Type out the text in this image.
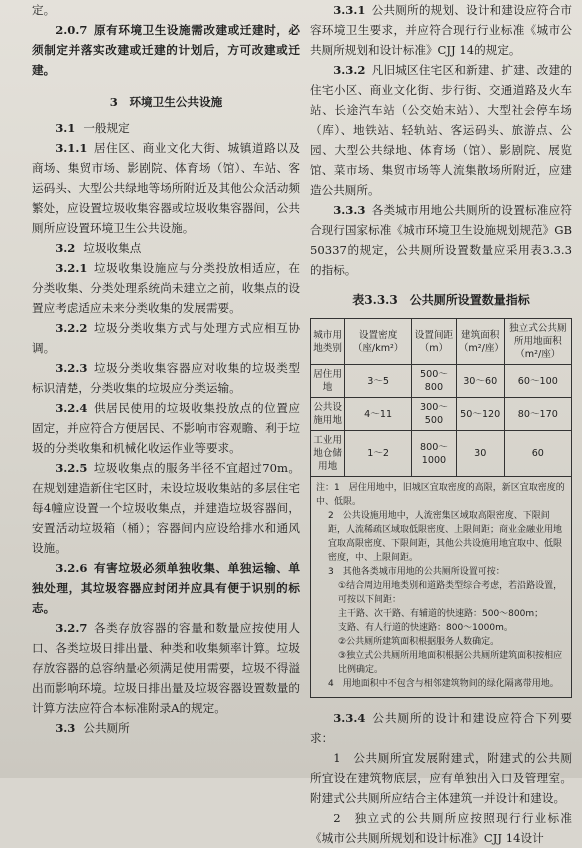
定。

2.0.7 原有环境卫生设施需改建或迁建时，必须制定并落实改建或迁建的计划后，方可改建或迁建。

3　环境卫生公共设施

3.1 一般规定

3.1.1 居住区、商业文化大街、城镇道路以及商场、集贸市场、影剧院、体育场（馆）、车站、客运码头、大型公共绿地等场所附近及其他公众活动频繁处，应设置垃圾收集容器或垃圾收集容器间，公共厕所应设置环境卫生公共设施。

3.2 垃圾收集点

3.2.1 垃圾收集设施应与分类投放相适应，在分类收集、分类处理系统尚未建立之前，收集点的设置应考虑适应未来分类收集的发展需要。

3.2.2 垃圾分类收集方式与处理方式应相互协调。

3.2.3 垃圾分类收集容器应对收集的垃圾类型标识清楚，分类收集的垃圾应分类运输。

3.2.4 供居民使用的垃圾收集投放点的位置应固定，并应符合方便居民、不影响市容观瞻、利于垃圾的分类收集和机械化收运作业等要求。

3.2.5 垃圾收集点的服务半径不宜超过70m。在规划建造新住宅区时，未设垃圾收集站的多层住宅每4幢应设置一个垃圾收集点，并建造垃圾容器间，安置活动垃圾箱（桶）；容器间内应设给排水和通风设施。

3.2.6 有害垃圾必须单独收集、单独运输、单独处理，其垃圾容器应封闭并应具有便于识别的标志。

3.2.7 各类存放容器的容量和数量应按使用人口、各类垃圾日排出量、种类和收集频率计算。垃圾存放容器的总容纳量必须满足使用需要，垃圾不得溢出而影响环境。垃圾日排出量及垃圾容器设置数量的计算方法应符合本标准附录A的规定。

3.3 公共厕所

3.3.1 公共厕所的规划、设计和建设应符合市容环境卫生要求，并应符合现行行业标准《城市公共厕所规划和设计标准》CJJ 14的规定。

3.3.2 凡旧城区住宅区和新建、扩建、改建的住宅小区、商业文化街、步行街、交通道路及火车站、长途汽车站（公交始末站）、大型社会停车场（库）、地铁站、轻轨站、客运码头、旅游点、公园、大型公共绿地、体育场（馆）、影剧院、展览馆、菜市场、集贸市场等人流集散场所附近，应建造公共厕所。

3.3.3 各类城市用地公共厕所的设置标准应符合现行国家标准《城市环境卫生设施规划规范》GB 50337的规定，公共厕所设置数量应采用表3.3.3的指标。

表3.3.3　公共厕所设置数量指标
城市用地类别	设置密度（座/km²）	设置间距（m）	建筑面积（m²/座）	独立式公共厕所用地面积（m²/座）
居住用地	3～5	500～800	30～60	60～100
公共设施用地	4～11	300～500	50～120	80～170
工业用地仓储用地	1～2	800～1000	30	60

注：1　居住用地中，旧城区宜取密度的高限，新区宜取密度的中、低限。

2　公共设施用地中，人流密集区域取高限密度、下限间距，人流稀疏区域取低限密度、上限间距；商业金融业用地宜取高限密度、下限间距，其他公共设施用地宜取中、低限密度，中、上限间距。

3　其他各类城市用地的公共厕所设置可按：

①结合周边用地类别和道路类型综合考虑，若沿路设置，可按以下间距：

主干路、次干路、有辅道的快速路：500～800m；

支路、有人行道的快速路：800～1000m。

②公共厕所建筑面积根据服务人数确定。

③独立式公共厕所用地面积根据公共厕所建筑面积按相应比例确定。

4　用地面积中不包含与相邻建筑物间的绿化隔离带用地。

3.3.4 公共厕所的设计和建设应符合下列要求：

1　公共厕所宜发展附建式，附建式的公共厕所宜设在建筑物底层，应有单独出入口及管理室。附建式公共厕所应结合主体建筑一并设计和建设。

2　独立式的公共厕所应按照现行行业标准《城市公共厕所规划和设计标准》CJJ 14设计
